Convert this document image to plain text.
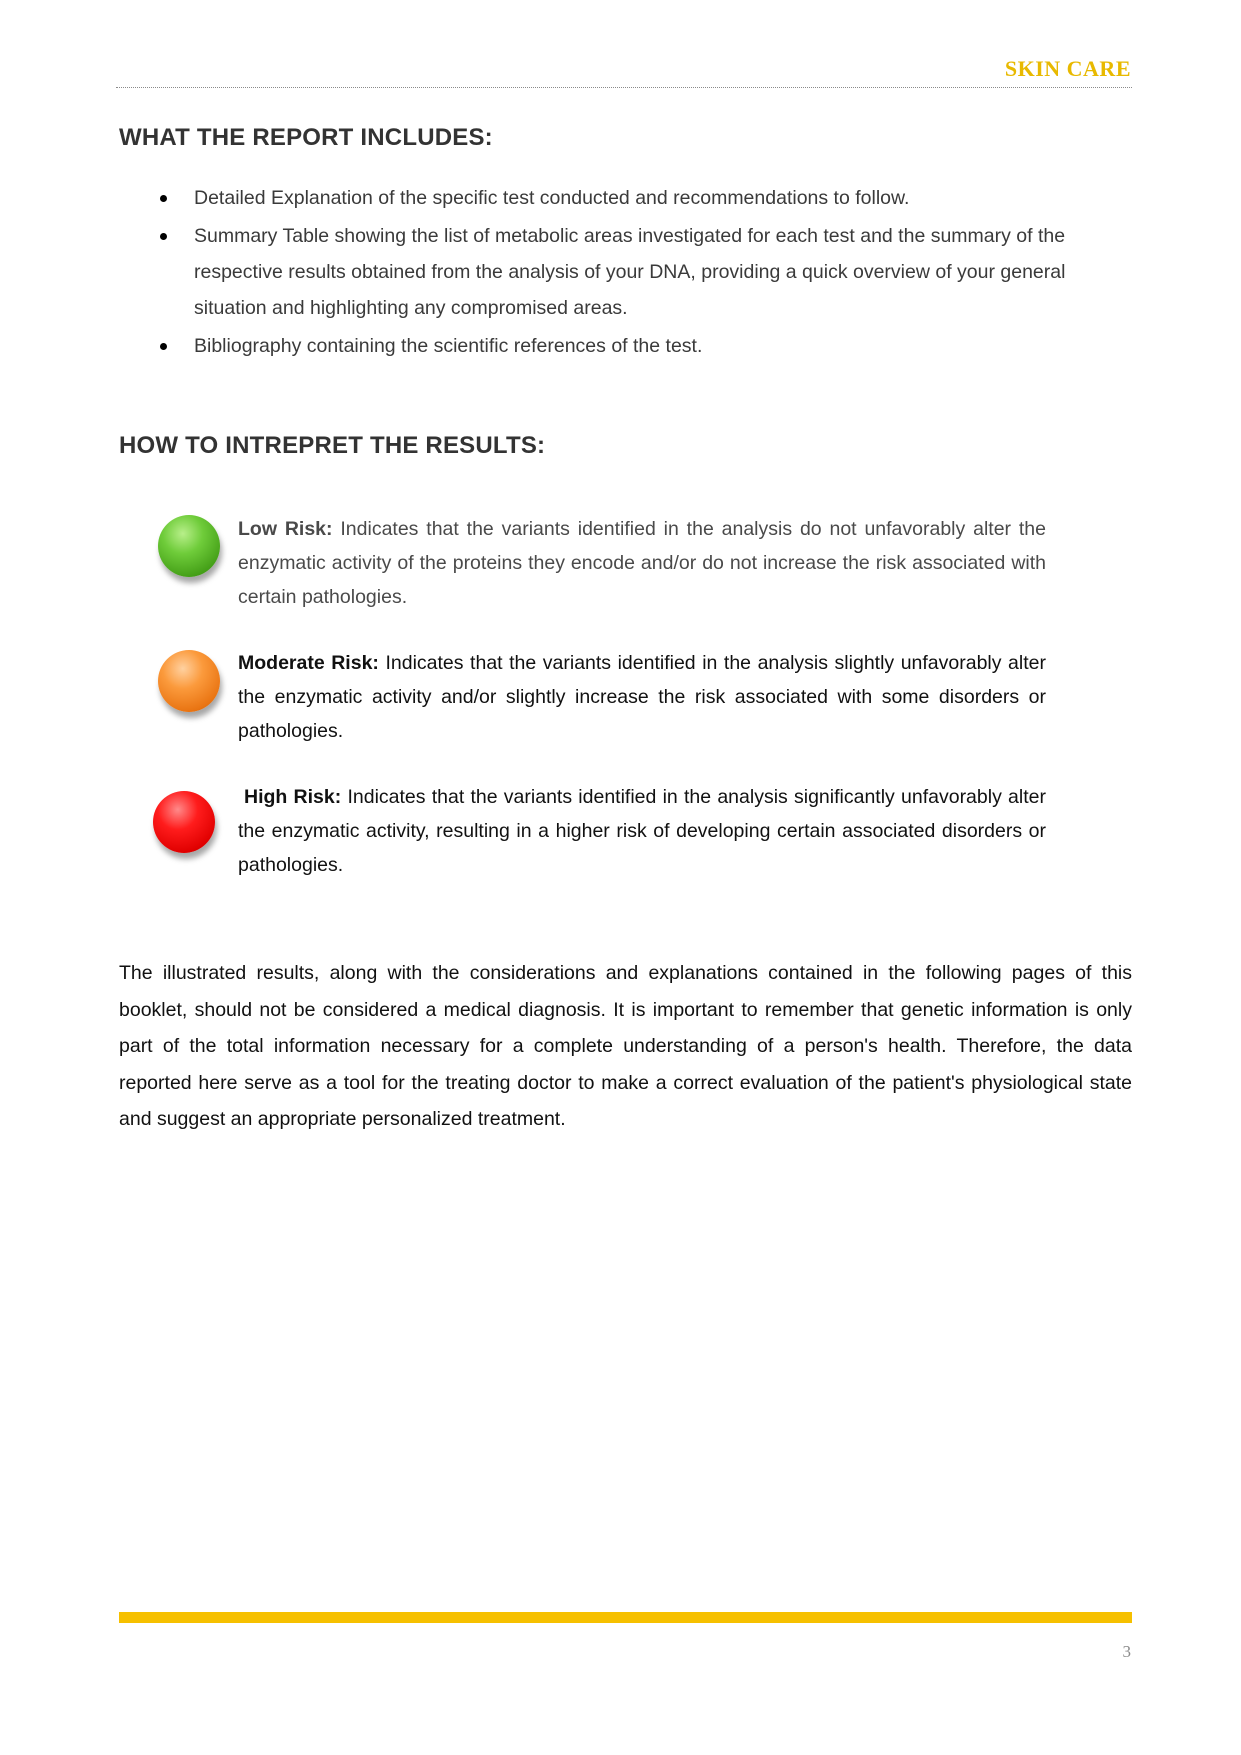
SKIN CARE
WHAT THE REPORT INCLUDES:
Detailed Explanation of the specific test conducted and recommendations to follow.
Summary Table showing the list of metabolic areas investigated for each test and the summary of the respective results obtained from the analysis of your DNA, providing a quick overview of your general situation and highlighting any compromised areas.
Bibliography containing the scientific references of the test.
HOW TO INTREPRET THE RESULTS:

Low Risk: Indicates that the variants identified in the analysis do not unfavorably alter the enzymatic activity of the proteins they encode and/or do not increase the risk associated with certain pathologies.

Moderate Risk: Indicates that the variants identified in the analysis slightly unfavorably alter the enzymatic activity and/or slightly increase the risk associated with some disorders or pathologies.

High Risk: Indicates that the variants identified in the analysis significantly unfavorably alter the enzymatic activity, resulting in a higher risk of developing certain associated disorders or pathologies.

The illustrated results, along with the considerations and explanations contained in the following pages of this booklet, should not be considered a medical diagnosis. It is important to remember that genetic information is only part of the total information necessary for a complete understanding of a person's health. Therefore, the data reported here serve as a tool for the treating doctor to make a correct evaluation of the patient's physiological state and suggest an appropriate personalized treatment.

3
